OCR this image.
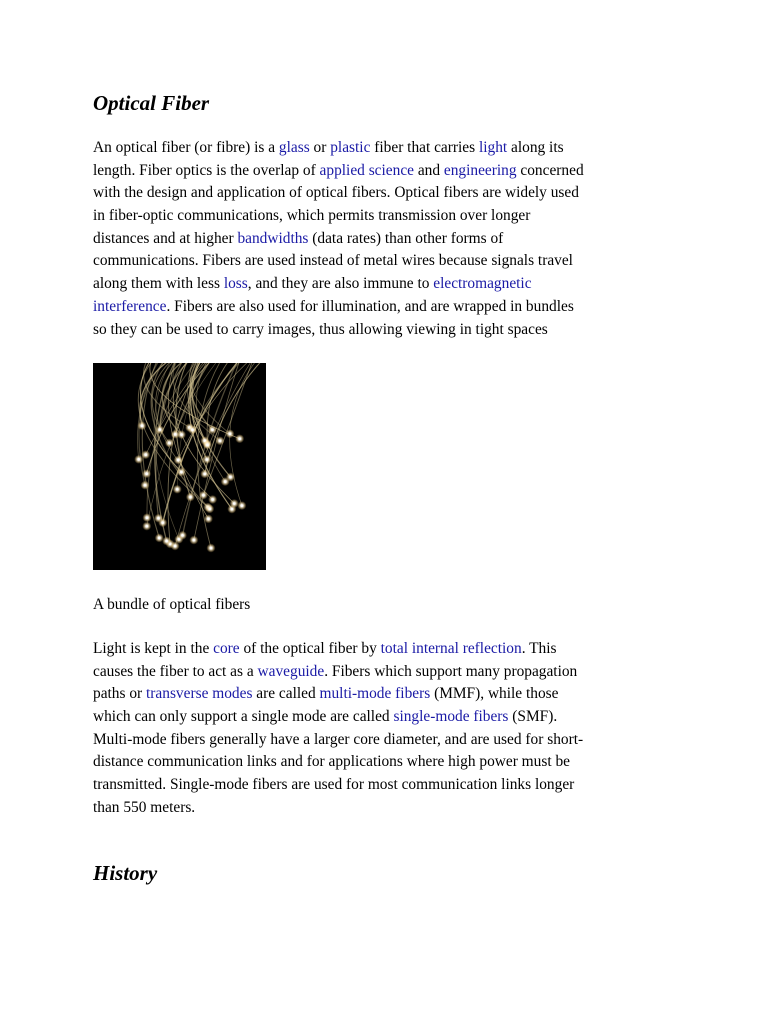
Optical Fiber
An optical fiber (or fibre) is a glass or plastic fiber that carries light along its
length. Fiber optics is the overlap of applied science and engineering concerned
with the design and application of optical fibers. Optical fibers are widely used
in fiber-optic communications, which permits transmission over longer
distances and at higher bandwidths (data rates) than other forms of
communications. Fibers are used instead of metal wires because signals travel
along them with less loss, and they are also immune to electromagnetic
interference. Fibers are also used for illumination, and are wrapped in bundles
so they can be used to carry images, thus allowing viewing in tight spaces

A bundle of optical fibers

Light is kept in the core of the optical fiber by total internal reflection. This
causes the fiber to act as a waveguide. Fibers which support many propagation
paths or transverse modes are called multi-mode fibers (MMF), while those
which can only support a single mode are called single-mode fibers (SMF).
Multi-mode fibers generally have a larger core diameter, and are used for short-
distance communication links and for applications where high power must be
transmitted. Single-mode fibers are used for most communication links longer
than 550 meters.
History
